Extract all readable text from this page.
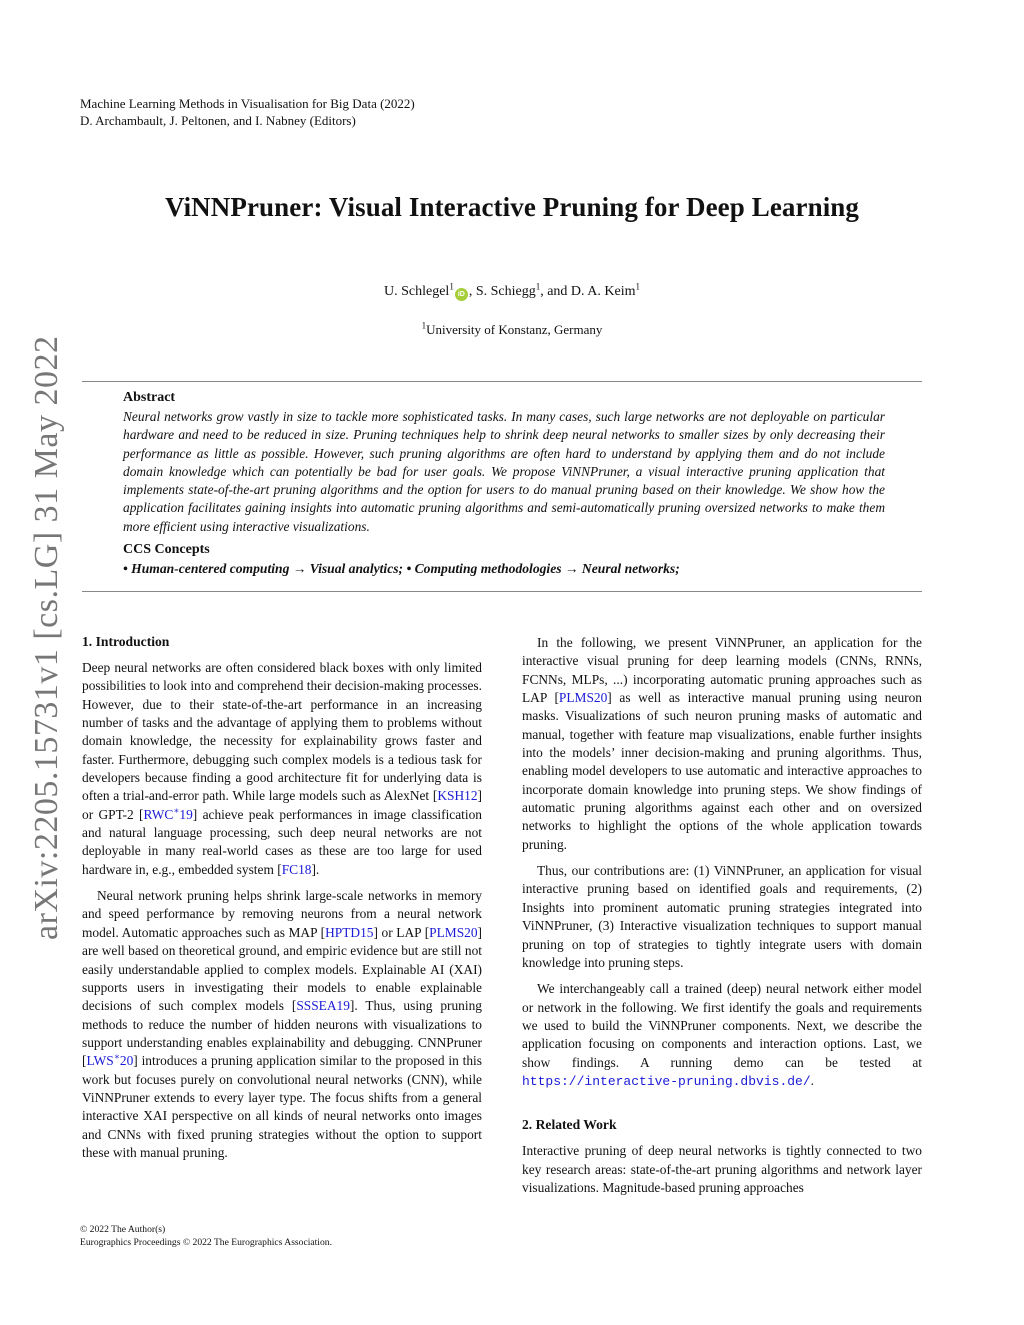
Machine Learning Methods in Visualisation for Big Data (2022)
D. Archambault, J. Peltonen, and I. Nabney (Editors)
ViNNPruner: Visual Interactive Pruning for Deep Learning
U. Schlegel$^1$iD , S. Schiegg$^1$, and D. A. Keim$^1$
$^1$University of Konstanz, Germany
arXiv:2205.15731v1 [cs.LG] 31 May 2022	Abstract
Neural networks grow vastly in size to tackle more sophisticated tasks. In many cases, such large networks are not deployable on particular hardware and need to be reduced in size. Pruning techniques help to shrink deep neural networks to smaller sizes by only decreasing their performance as little as possible. However, such pruning algorithms are often hard to understand by applying them and do not include domain knowledge which can potentially be bad for user goals. We propose ViNNPruner, a visual interactive pruning application that implements state-of-the-art pruning algorithms and the option for users to do manual pruning based on their knowledge. We show how the application facilitates gaining insights into automatic pruning algorithms and semi-automatically pruning oversized networks to make them more efficient using interactive visualizations.
CCS Concepts
• Human-centered computing → Visual analytics; • Computing methodologies → Neural networks;
1. Introduction

Deep neural networks are often considered black boxes with only limited possibilities to look into and comprehend their decision-making processes. However, due to their state-of-the-art performance in an increasing number of tasks and the advantage of applying them to problems without domain knowledge, the necessity for explainability grows faster and faster. Furthermore, debugging such complex models is a tedious task for developers because finding a good architecture fit for underlying data is often a trial-and-error path. While large models such as AlexNet [KSH12] or GPT-2 [RWC∗19] achieve peak performances in image classification and natural language processing, such deep neural networks are not deployable in many real-world cases as these are too large for used hardware in, e.g., embedded system [FC18].

Neural network pruning helps shrink large-scale networks in memory and speed performance by removing neurons from a neural network model. Automatic approaches such as MAP [HPTD15] or LAP [PLMS20] are well based on theoretical ground, and empiric evidence but are still not easily understandable applied to complex models. Explainable AI (XAI) supports users in investigating their models to enable explainable decisions of such complex models [SSSEA19]. Thus, using pruning methods to reduce the number of hidden neurons with visualizations to support understanding enables explainability and debugging. CNNPruner [LWS∗20] introduces a pruning application similar to the proposed in this work but focuses purely on convolutional neural networks (CNN), while ViNNPruner extends to every layer type. The focus shifts from a general interactive XAI perspective on all kinds of neural networks onto images and CNNs with fixed pruning strategies without the option to support these with manual pruning.

In the following, we present ViNNPruner, an application for the interactive visual pruning for deep learning models (CNNs, RNNs, FCNNs, MLPs, ...) incorporating automatic pruning approaches such as LAP [PLMS20] as well as interactive manual pruning using neuron masks. Visualizations of such neuron pruning masks of automatic and manual, together with feature map visualizations, enable further insights into the models’ inner decision-making and pruning algorithms. Thus, enabling model developers to use automatic and interactive approaches to incorporate domain knowledge into pruning steps. We show findings of automatic pruning algorithms against each other and on oversized networks to highlight the options of the whole application towards pruning.

Thus, our contributions are: (1) ViNNPruner, an application for visual interactive pruning based on identified goals and requirements, (2) Insights into prominent automatic pruning strategies integrated into ViNNPruner, (3) Interactive visualization techniques to support manual pruning on top of strategies to tightly integrate users with domain knowledge into pruning steps.

We interchangeably call a trained (deep) neural network either model or network in the following. We first identify the goals and requirements we used to build the ViNNPruner components. Next, we describe the application focusing on components and interaction options. Last, we show findings. A running demo can be tested at https://interactive-pruning.dbvis.de/.

2. Related Work

Interactive pruning of deep neural networks is tightly connected to two key research areas: state-of-the-art pruning algorithms and network layer visualizations. Magnitude-based pruning approaches

© 2022 The Author(s)
Eurographics Proceedings © 2022 The Eurographics Association.
